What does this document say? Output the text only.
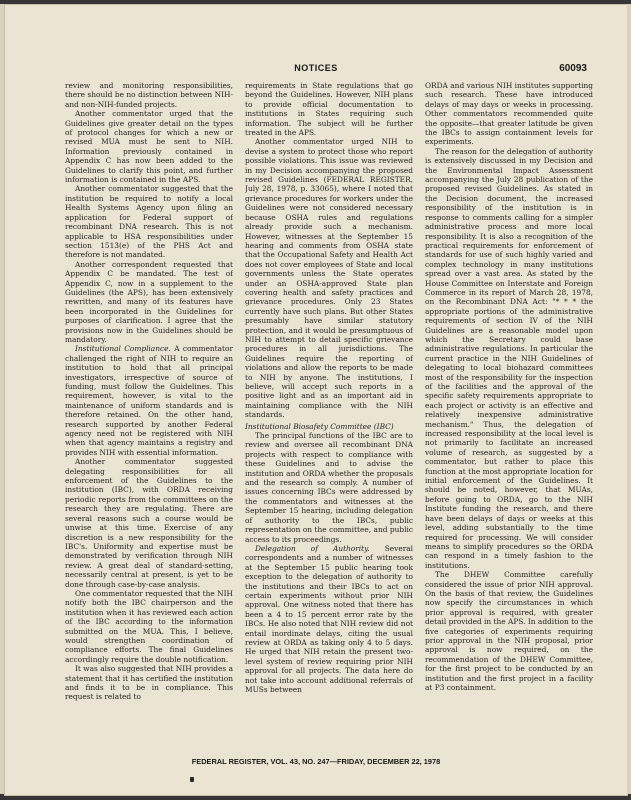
NOTICES	60093

review and monitoring responsibilities, there should be no distinction between NIH- and non-NIH-funded projects.

Another commentator urged that the Guidelines give greater detail on the types of protocol changes for which a new or revised MUA must be sent to NIH. Information previously contained in Appendix C has now been added to the Guidelines to clarify this point, and further information is contained in the APS.

Another commentator suggested that the institution be required to notify a local Health Systems Agency upon filing an application for Federal support of recombinant DNA research. This is not applicable to HSA responsibilities under section 1513(e) of the PHS Act and therefore is not mandated.

Another correspondent requested that Appendix C be mandated. The test of Appendix C, now in a supplement to the Guidelines (the APS), has been extensively rewritten, and many of its features have been incorporated in the Guidelines for purposes of clarification. I agree that the provisions now in the Guidelines should be mandatory.

Institutional Compliance. A commentator challenged the right of NIH to require an institution to hold that all principal investigators, irrespective of source of funding, must follow the Guidelines. This requirement, however, is vital to the maintenance of uniform standards and is therefore retained. On the other hand, research supported by another Federal agency need not be registered with NIH when that agency maintains a registry and provides NIH with essential information.

Another commentator suggested delegating responsibilities for all enforcement of the Guidelines to the institution (IBC), with ORDA receiving periodic reports from the committees on the research they are regulating. There are several reasons such a course would be unwise at this time. Exercise of any discretion is a new responsibility for the IBC's. Uniformity and expertise must be demonstrated by verification through NIH review. A great deal of standard-setting, necessarily central at present, is yet to be done through case-by-case analysis.

One commentator requested that the NIH notify both the IBC chairperson and the institution when it has reviewed each action of the IBC according to the information submitted on the MUA. This, I believe, would strengthen coordination of compliance efforts. The final Guidelines accordingly require the double notification.

It was also suggested that NIH provides a statement that it has certified the institution and finds it to be in compliance. This request is related to

requirements in State regulations that go beyond the Guidelines. However, NIH plans to provide official documentation to institutions in States requiring such information. The subject will be further treated in the APS.

Another commentator urged NIH to devise a system to protect those who report possible violations. This issue was reviewed in my Decision accompanying the proposed revised Guidelines (FEDERAL REGISTER, July 28, 1978, p. 33065), where I noted that grievance procedures for workers under the Guidelines were not considered necessary because OSHA rules and regulations already provide such a mechanism. However, witnesses at the September 15 hearing and comments from OSHA state that the Occupational Safety and Health Act does not cover employees of State and local governments unless the State operates under an OSHA-approved State plan covering health and safety practices and grievance procedures. Only 23 States currently have such plans. But other States presumably have similar statutory protection, and it would be presumptuous of NIH to attempt to detail specific grievance procedures in all jurisdictions. The Guidelines require the reporting of violations and allow the reports to be made to NIH by anyone. The institutions, I believe, will accept such reports in a positive light and as an important aid in maintaining compliance with the NIH standards.

Institutional Biosafety Committee (IBC)

The principal functions of the IBC are to review and oversee all recombinant DNA projects with respect to compliance with these Guidelines and to advise the institution and ORDA whether the proposals and the research so comply. A number of issues concerning IBCs were addressed by the commentators and witnesses at the September 15 hearing, including delegation of authority to the IBCs, public representation on the committee, and public access to its proceedings.

Delegation of Authority. Several correspondents and a number of witnesses at the September 15 public hearing took exception to the delegation of authority to the institutions and their IBCs to act on certain experiments without prior NIH approval. One witness noted that there has been a 4 to 15 percent error rate by the IBCs. He also noted that NIH review did not entail inordinate delays, citing the usual review at ORDA as taking only 4 to 5 days. He urged that NIH retain the present two-level system of review requiring prior NIH approval for all projects. The data here do not take into account additional referrals of MUSs between

ORDA and various NIH institutes supporting such research. These have introduced delays of may days or weeks in processing. Other commentators recommended quite the opposite—that greater latitude be given the IBCs to assign containment levels for experiments.

The reason for the delegation of authority is extensively discussed in my Decision and the Environmental Impact Assessment accompanying the July 28 publication of the proposed revised Guidelines. As stated in the Decision document, the increased responsibility of the institution is in response to comments calling for a simpler administrative process and more local responsibility. It is also a recognition of the practical requirements for enforcement of standards for use of such highly varied and complex technology in many institutions spread over a vast area. As stated by the House Committee on Interstate and Foreign Commerce in its report of March 28, 1978, on the Recombinant DNA Act: "* * * the appropriate portions of the administrative requirements of section IV of the NIH Guidelines are a reasonable model upon which the Secretary could base administrative regulations. In particular the current practice in the NIH Guidelines of delegating to local biohazard committees most of the responsibility for the inspection of the facilities and the approval of the specific safety requirements appropriate to each project or activity is an effective and relatively inexpensive administrative mechanism." Thus, the delegation of increased responsibility at the local level is not primarily to facilitate an increased volume of research, as suggested by a commentator, but rather to place this function at the most appropriate location for initial enforcement of the Guidelines. It should be noted, however, that MUAs, before going to ORDA, go to the NIH Institute funding the research, and there have been delays of days or weeks at this level, adding substantially to the time required for processing. We will consider means to simplify procedures so the ORDA can respond in a timely fashion to the institutions.

The DHEW Committee carefully considered the issue of prior NIH approval. On the basis of that review, the Guidelines now specify the circumstances in which prior approval is required, with greater detail provided in the APS. In addition to the five categories of experiments requiring prior approval in the NIH proposal, prior approval is now required, on the recommendation of the DHEW Committee, for the first project to be conducted by an institution and the first project in a facility at P3 containment.

FEDERAL REGISTER, VOL. 43, NO. 247—FRIDAY, DECEMBER 22, 1978
